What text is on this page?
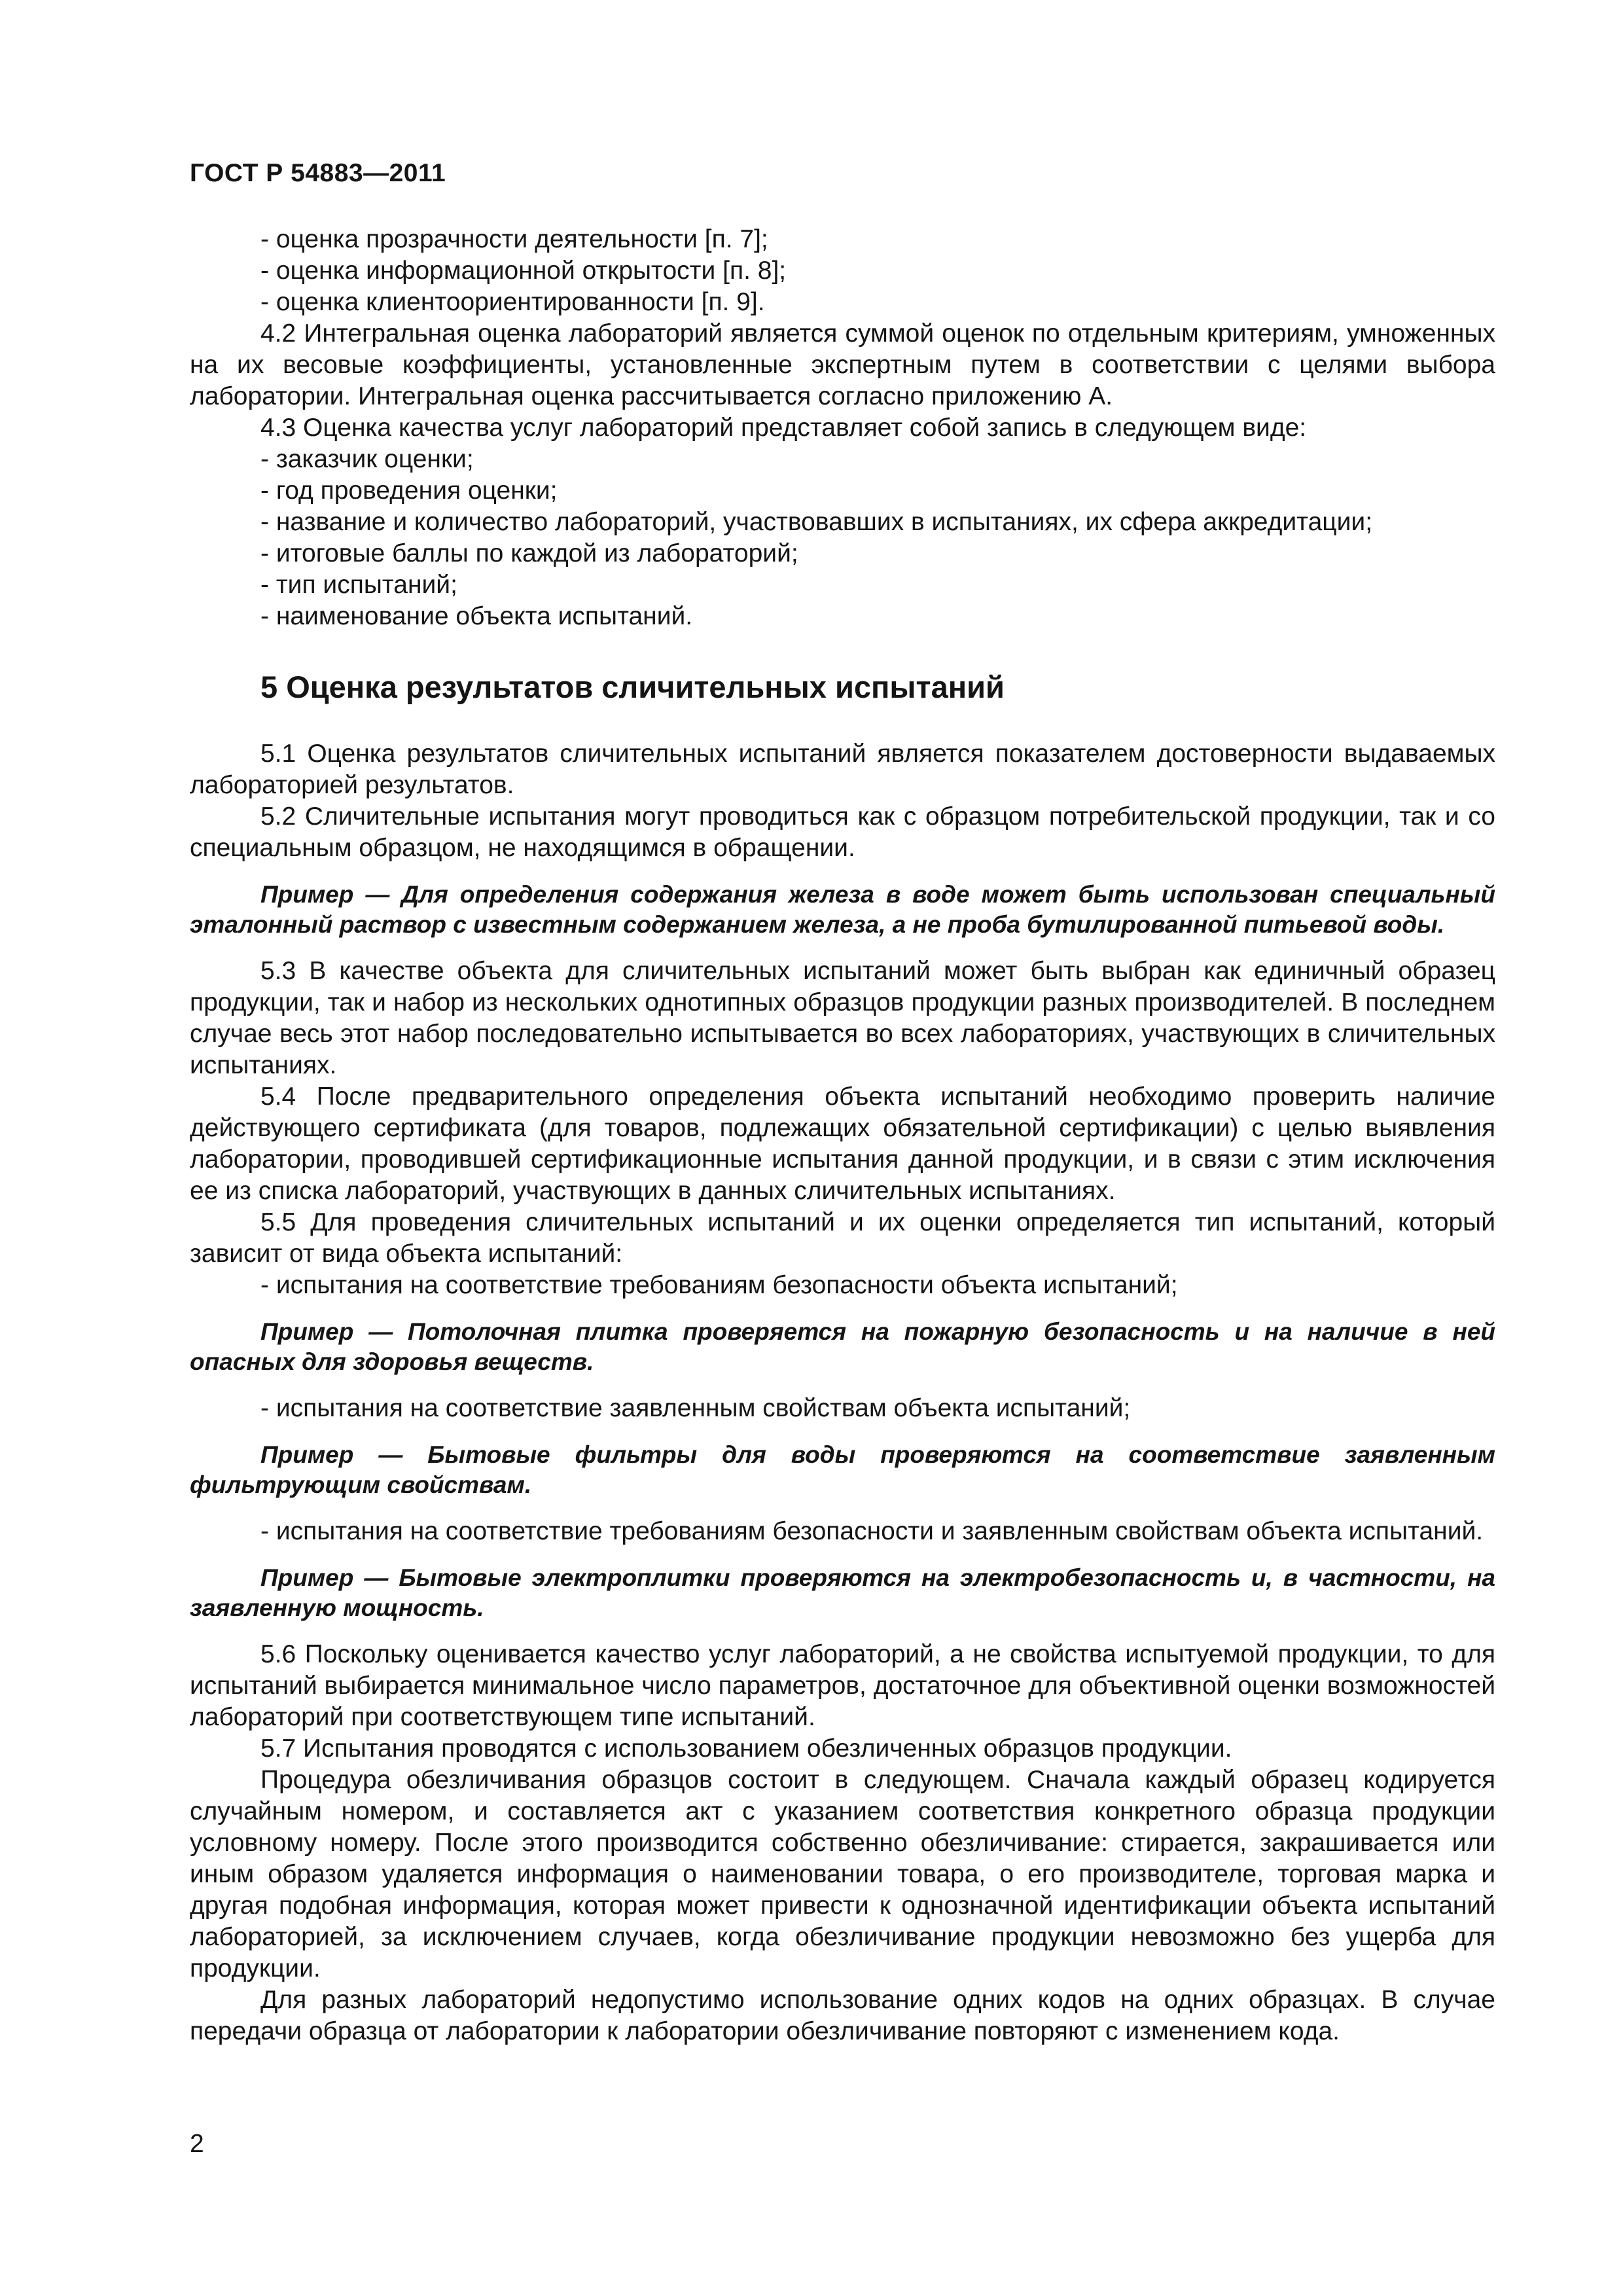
ГОСТ Р 54883—2011

- оценка прозрачности деятельности [п. 7];

- оценка информационной открытости [п. 8];

- оценка клиентоориентированности [п. 9].

4.2 Интегральная оценка лабораторий является суммой оценок по отдельным критериям, умноженных на их весовые коэффициенты, установленные экспертным путем в соответствии с целями выбора лаборатории. Интегральная оценка рассчитывается согласно приложению А.

4.3 Оценка качества услуг лабораторий представляет собой запись в следующем виде:

- заказчик оценки;

- год проведения оценки;

- название и количество лабораторий, участвовавших в испытаниях, их сфера аккредитации;

- итоговые баллы по каждой из лабораторий;

- тип испытаний;

- наименование объекта испытаний.

5 Оценка результатов сличительных испытаний

5.1 Оценка результатов сличительных испытаний является показателем достоверности выдаваемых лабораторией результатов.

5.2 Сличительные испытания могут проводиться как с образцом потребительской продукции, так и со специальным образцом, не находящимся в обращении.

Пример — Для определения содержания железа в воде может быть использован специальный эталонный раствор с известным содержанием железа, а не проба бутилированной питьевой воды.

5.3 В качестве объекта для сличительных испытаний может быть выбран как единичный образец продукции, так и набор из нескольких однотипных образцов продукции разных производителей. В последнем случае весь этот набор последовательно испытывается во всех лабораториях, участвующих в сличительных испытаниях.

5.4 После предварительного определения объекта испытаний необходимо проверить наличие действующего сертификата (для товаров, подлежащих обязательной сертификации) с целью выявления лаборатории, проводившей сертификационные испытания данной продукции, и в связи с этим исключения ее из списка лабораторий, участвующих в данных сличительных испытаниях.

5.5 Для проведения сличительных испытаний и их оценки определяется тип испытаний, который зависит от вида объекта испытаний:

- испытания на соответствие требованиям безопасности объекта испытаний;

Пример — Потолочная плитка проверяется на пожарную безопасность и на наличие в ней опасных для здоровья веществ.

- испытания на соответствие заявленным свойствам объекта испытаний;

Пример — Бытовые фильтры для воды проверяются на соответствие заявленным фильтрующим свойствам.

- испытания на соответствие требованиям безопасности и заявленным свойствам объекта испытаний.

Пример — Бытовые электроплитки проверяются на электробезопасность и, в частности, на заявленную мощность.

5.6 Поскольку оценивается качество услуг лабораторий, а не свойства испытуемой продукции, то для испытаний выбирается минимальное число параметров, достаточное для объективной оценки возможностей лабораторий при соответствующем типе испытаний.

5.7 Испытания проводятся с использованием обезличенных образцов продукции.

Процедура обезличивания образцов состоит в следующем. Сначала каждый образец кодируется случайным номером, и составляется акт с указанием соответствия конкретного образца продукции условному номеру. После этого производится собственно обезличивание: стирается, закрашивается или иным образом удаляется информация о наименовании товара, о его производителе, торговая марка и другая подобная информация, которая может привести к однозначной идентификации объекта испытаний лабораторией, за исключением случаев, когда обезличивание продукции невозможно без ущерба для продукции.

Для разных лабораторий недопустимо использование одних кодов на одних образцах. В случае передачи образца от лаборатории к лаборатории обезличивание повторяют с изменением кода.

2
